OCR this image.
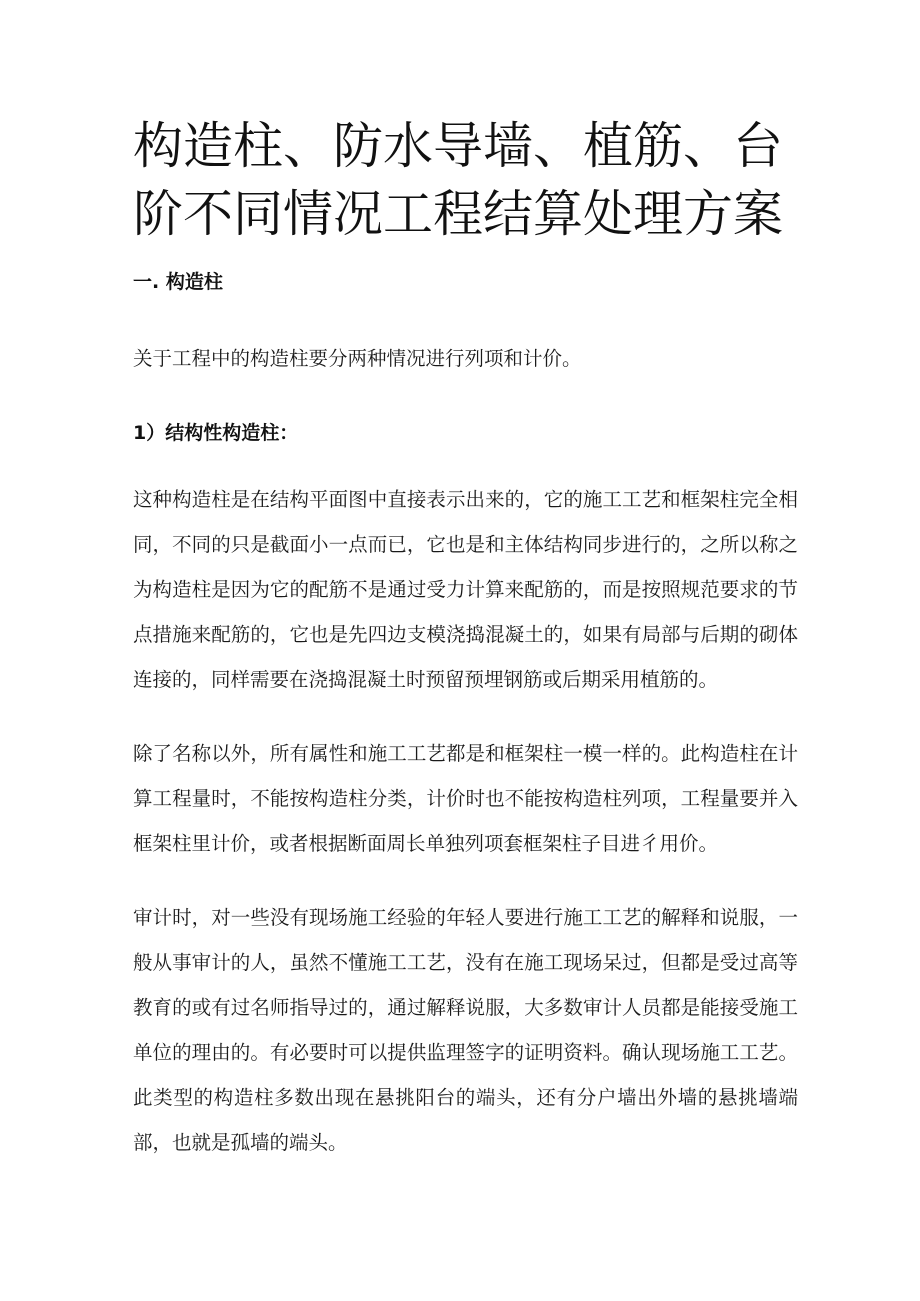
构造柱、防水导墙、植筋、台阶不同情况工程结算处理方案
一. 构造柱

关于工程中的构造柱要分两种情况进行列项和计价。

1）结构性构造柱：

这种构造柱是在结构平面图中直接表示出来的，它的施工工艺和框架柱完全相同，不同的只是截面小一点而已，它也是和主体结构同步进行的，之所以称之为构造柱是因为它的配筋不是通过受力计算来配筋的，而是按照规范要求的节点措施来配筋的，它也是先四边支模浇捣混凝土的，如果有局部与后期的砌体连接的，同样需要在浇捣混凝土时预留预埋钢筋或后期采用植筋的。

除了名称以外，所有属性和施工工艺都是和框架柱一模一样的。此构造柱在计算工程量时，不能按构造柱分类，计价时也不能按构造柱列项，工程量要并入框架柱里计价，或者根据断面周长单独列项套框架柱子目进彳用价。

审计时，对一些没有现场施工经验的年轻人要进行施工工艺的解释和说服，一般从事审计的人，虽然不懂施工工艺，没有在施工现场呆过，但都是受过高等教育的或有过名师指导过的，通过解释说服，大多数审计人员都是能接受施工单位的理由的。有必要时可以提供监理签字的证明资料。确认现场施工工艺。此类型的构造柱多数出现在悬挑阳台的端头，还有分户墙出外墙的悬挑墙端部，也就是孤墙的端头。
